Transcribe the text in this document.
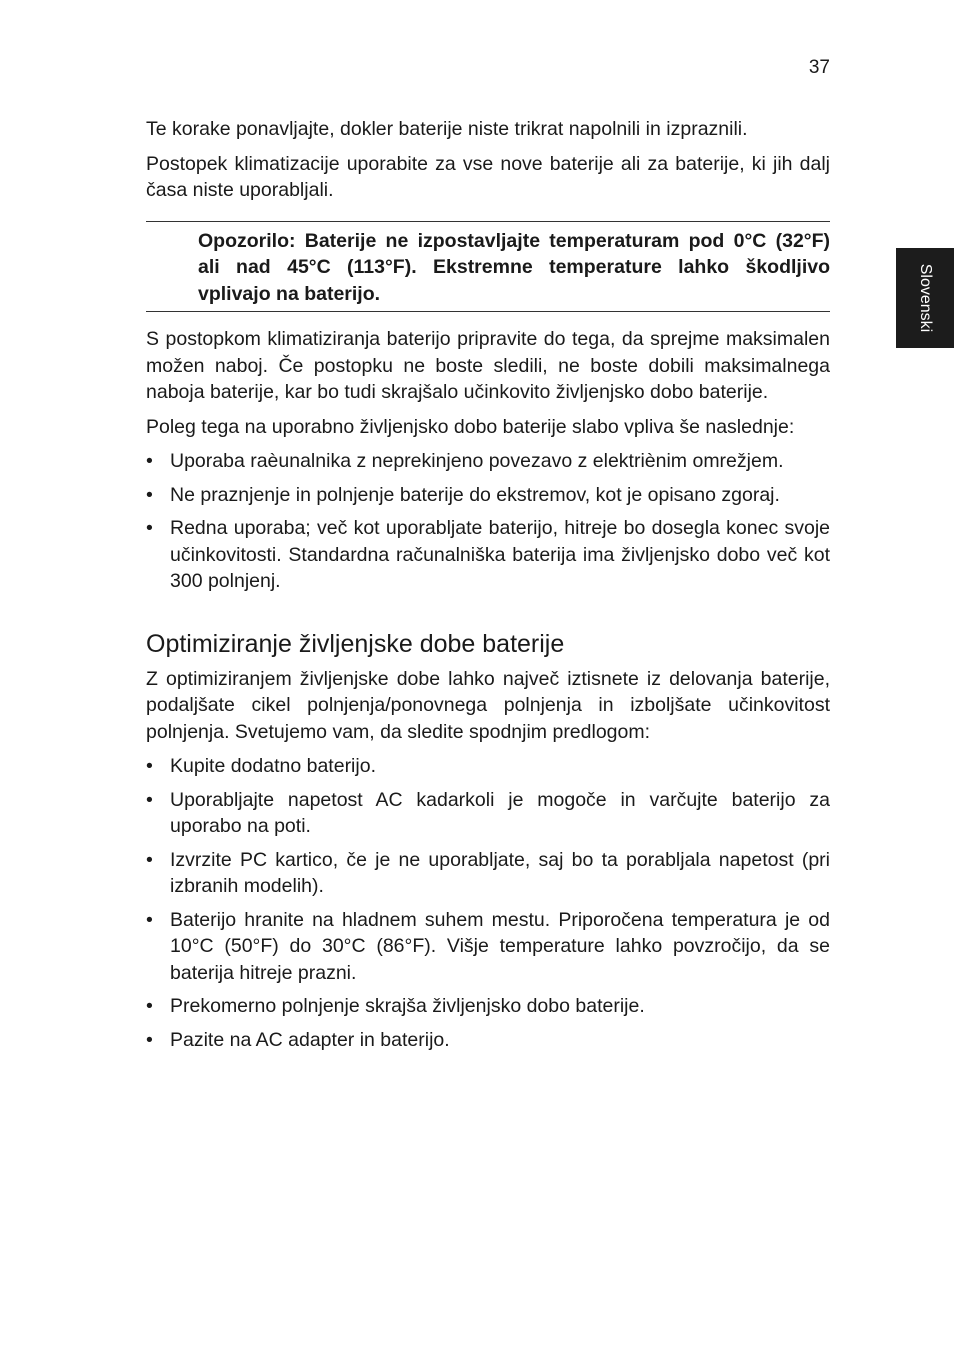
37
Slovenski

Te korake ponavljajte, dokler baterije niste trikrat napolnili in izpraznili.

Postopek klimatizacije uporabite za vse nove baterije ali za baterije, ki jih dalj časa niste uporabljali.

Opozorilo: Baterije ne izpostavljajte temperaturam pod 0°C (32°F) ali nad 45°C (113°F). Ekstremne temperature lahko škodljivo vplivajo na baterijo.

S postopkom klimatiziranja baterijo pripravite do tega, da sprejme maksimalen možen naboj. Če postopku ne boste sledili, ne boste dobili maksimalnega naboja baterije, kar bo tudi skrajšalo učinkovito življenjsko dobo baterije.

Poleg tega na uporabno življenjsko dobo baterije slabo vpliva še naslednje:

• Uporaba raèunalnika z neprekinjeno povezavo z elektriènim omrežjem.
• Ne praznjenje in polnjenje baterije do ekstremov, kot je opisano zgoraj.
• Redna uporaba; več kot uporabljate baterijo, hitreje bo dosegla konec svoje učinkovitosti. Standardna računalniška baterija ima življenjsko dobo več kot 300 polnjenj.
Optimiziranje življenjske dobe baterije

Z optimiziranjem življenjske dobe lahko največ iztisnete iz delovanja baterije, podaljšate cikel polnjenja/ponovnega polnjenja in izboljšate učinkovitost polnjenja. Svetujemo vam, da sledite spodnjim predlogom:

• Kupite dodatno baterijo.
• Uporabljajte napetost AC kadarkoli je mogoče in varčujte baterijo za uporabo na poti.
• Izvrzite PC kartico, če je ne uporabljate, saj bo ta porabljala napetost (pri izbranih modelih).
• Baterijo hranite na hladnem suhem mestu. Priporočena temperatura je od 10°C (50°F) do 30°C (86°F). Višje temperature lahko povzročijo, da se baterija hitreje prazni.
• Prekomerno polnjenje skrajša življenjsko dobo baterije.
• Pazite na AC adapter in baterijo.
